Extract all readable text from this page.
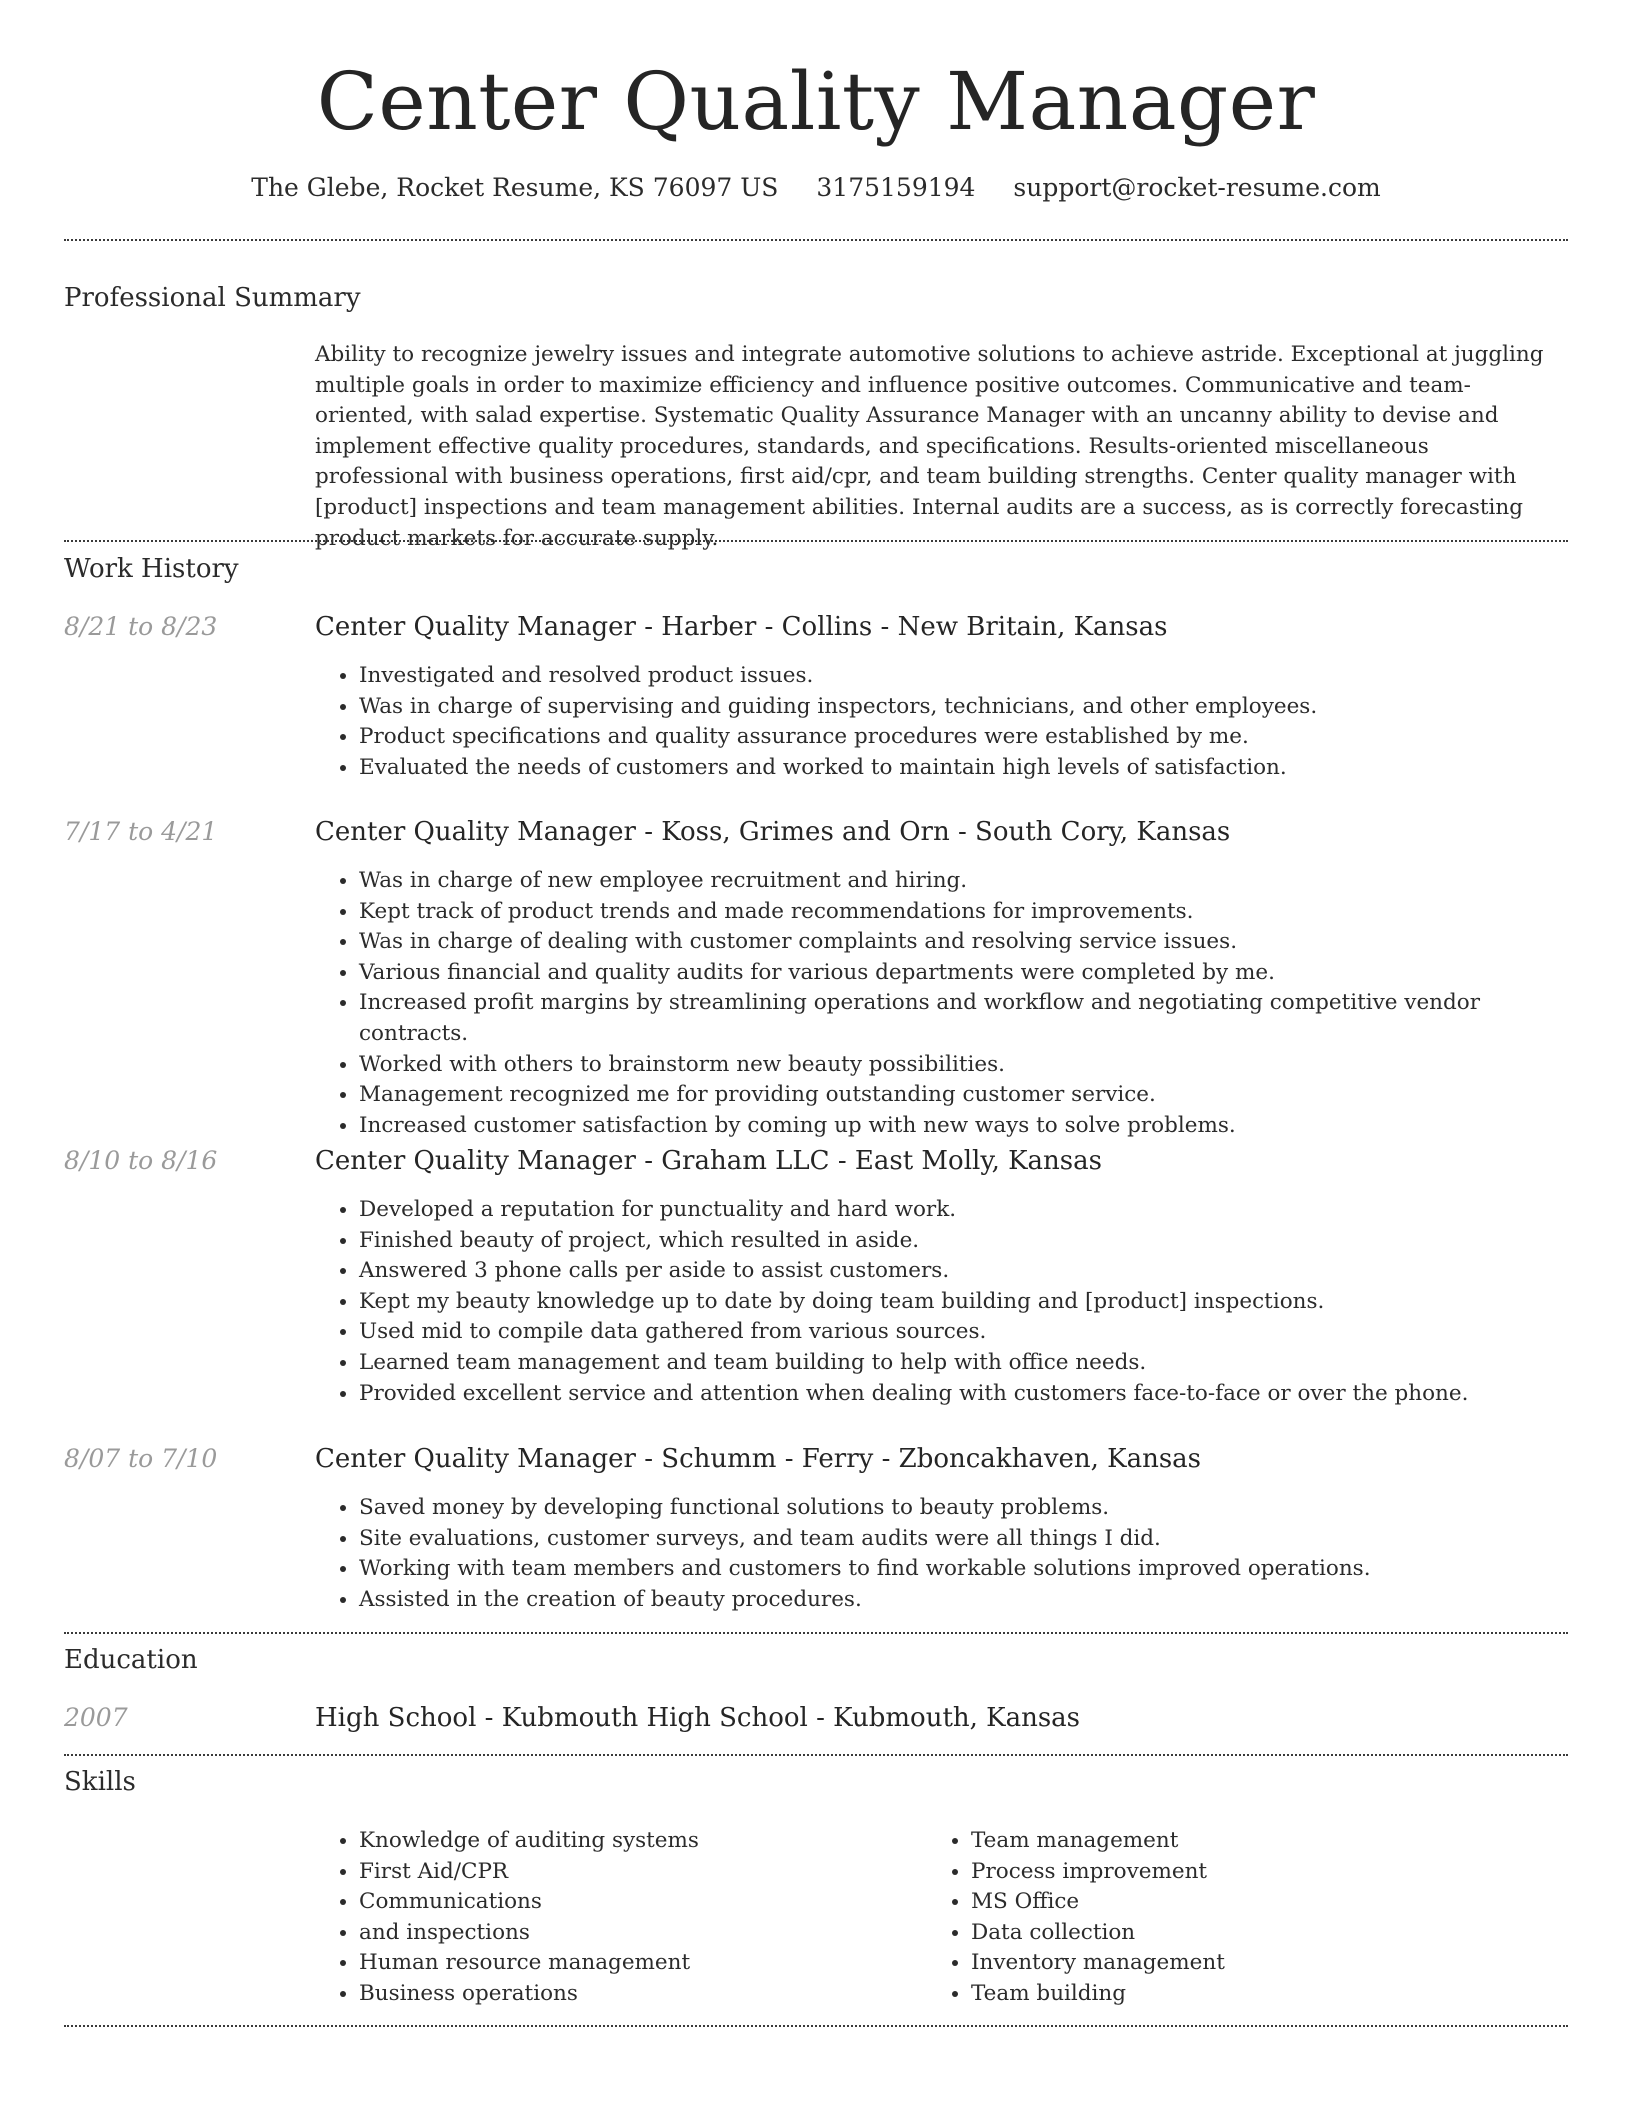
Center Quality Manager
The Glebe, Rocket Resume, KS 76097 US 3175159194 support@rocket-resume.com
Professional Summary

Ability to recognize jewelry issues and integrate automotive solutions to achieve astride. Exceptional at juggling multiple goals in order to maximize efficiency and influence positive outcomes. Communicative and team-oriented, with salad expertise. Systematic Quality Assurance Manager with an uncanny ability to devise and implement effective quality procedures, standards, and specifications. Results-oriented miscellaneous professional with business operations, first aid/cpr, and team building strengths. Center quality manager with [product] inspections and team management abilities. Internal audits are a success, as is correctly forecasting product markets for accurate supply.

Work History
8/21 to 8/23	Center Quality Manager - Harber - Collins - New Britain, Kansas
• Investigated and resolved product issues.
• Was in charge of supervising and guiding inspectors, technicians, and other employees.
• Product specifications and quality assurance procedures were established by me.
• Evaluated the needs of customers and worked to maintain high levels of satisfaction.
7/17 to 4/21	Center Quality Manager - Koss, Grimes and Orn - South Cory, Kansas
• Was in charge of new employee recruitment and hiring.
• Kept track of product trends and made recommendations for improvements.
• Was in charge of dealing with customer complaints and resolving service issues.
• Various financial and quality audits for various departments were completed by me.
• Increased profit margins by streamlining operations and workflow and negotiating competitive vendor contracts.
• Worked with others to brainstorm new beauty possibilities.
• Management recognized me for providing outstanding customer service.
• Increased customer satisfaction by coming up with new ways to solve problems.
8/10 to 8/16	Center Quality Manager - Graham LLC - East Molly, Kansas
• Developed a reputation for punctuality and hard work.
• Finished beauty of project, which resulted in aside.
• Answered 3 phone calls per aside to assist customers.
• Kept my beauty knowledge up to date by doing team building and [product] inspections.
• Used mid to compile data gathered from various sources.
• Learned team management and team building to help with office needs.
• Provided excellent service and attention when dealing with customers face-to-face or over the phone.
8/07 to 7/10	Center Quality Manager - Schumm - Ferry - Zboncakhaven, Kansas
• Saved money by developing functional solutions to beauty problems.
• Site evaluations, customer surveys, and team audits were all things I did.
• Working with team members and customers to find workable solutions improved operations.
• Assisted in the creation of beauty procedures.
Education
2007	High School - Kubmouth High School - Kubmouth, Kansas
Skills
• Knowledge of auditing systems
• First Aid/CPR
• Communications
• and inspections
• Human resource management
• Business operations
• Team management
• Process improvement
• MS Office
• Data collection
• Inventory management
• Team building
